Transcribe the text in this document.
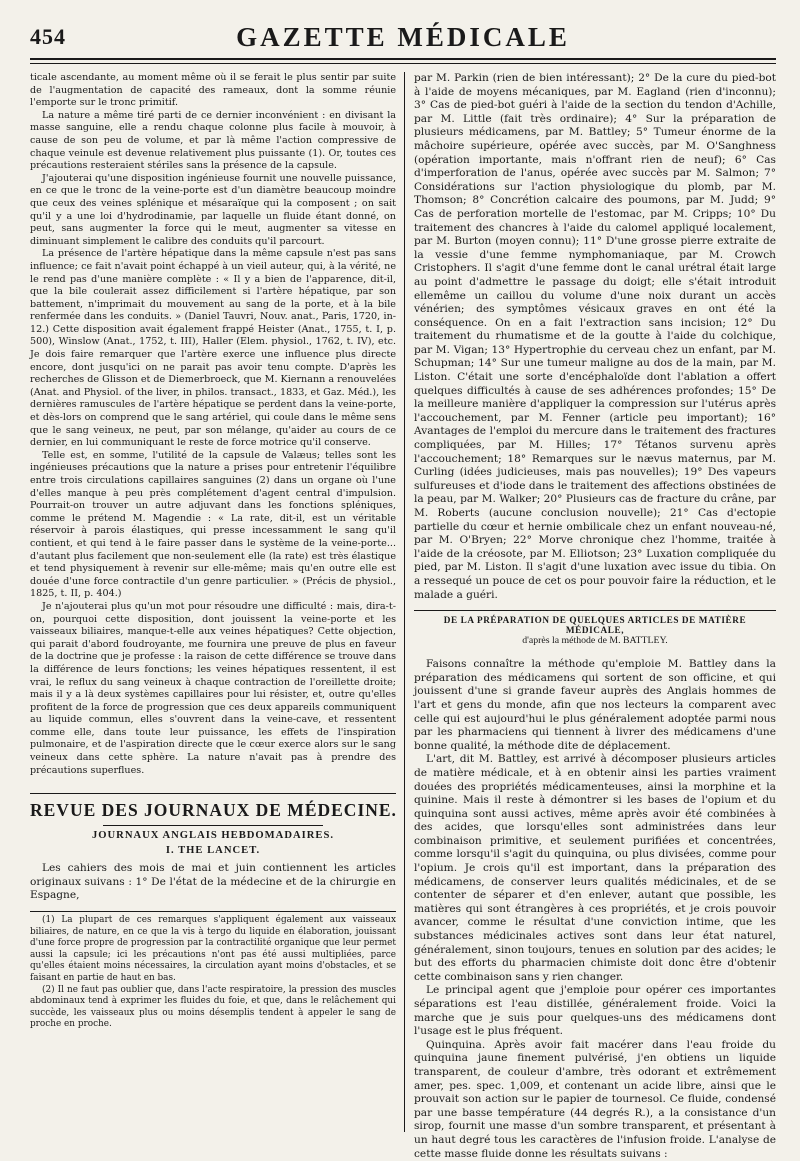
454	GAZETTE MÉDICALE

ticale ascendante, au moment même où il se ferait le plus sentir par suite de l'augmentation de capacité des rameaux, dont la somme réunie l'emporte sur le tronc primitif.

La nature a même tiré parti de ce dernier inconvénient : en divisant la masse sanguine, elle a rendu chaque colonne plus facile à mouvoir, à cause de son peu de volume, et par là même l'action compressive de chaque veinule est devenue relativement plus puissante (1). Or, toutes ces précautions resteraient stériles sans la présence de la capsule.

J'ajouterai qu'une disposition ingénieuse fournit une nouvelle puissance, en ce que le tronc de la veine-porte est d'un diamètre beaucoup moindre que ceux des veines splénique et mésaraïque qui la composent ; on sait qu'il y a une loi d'hydrodinamie, par laquelle un fluide étant donné, on peut, sans augmenter la force qui le meut, augmenter sa vitesse en diminuant simplement le calibre des conduits qu'il parcourt.

La présence de l'artère hépatique dans la même capsule n'est pas sans influence; ce fait n'avait point échappé à un vieil auteur, qui, à la vérité, ne le rend pas d'une manière complète : « Il y a bien de l'apparence, dit-il, que la bile coulerait assez difficilement si l'artère hépatique, par son battement, n'imprimait du mouvement au sang de la porte, et à la bile renfermée dans les conduits. » (Daniel Tauvri, Nouv. anat., Paris, 1720, in-12.) Cette disposition avait également frappé Heister (Anat., 1755, t. I, p. 500), Winslow (Anat., 1752, t. III), Haller (Elem. physiol., 1762, t. IV), etc. Je dois faire remarquer que l'artère exerce une influence plus directe encore, dont jusqu'ici on ne parait pas avoir tenu compte. D'après les recherches de Glisson et de Diemerbroeck, que M. Kiernann a renouvelées (Anat. and Physiol. of the liver, in philos. transact., 1833, et Gaz. Méd.), les dernières ramuscules de l'artère hépatique se perdent dans la veine-porte, et dès-lors on comprend que le sang artériel, qui coule dans le même sens que le sang veineux, ne peut, par son mélange, qu'aider au cours de ce dernier, en lui communiquant le reste de force motrice qu'il conserve.

Telle est, en somme, l'utilité de la capsule de Valæus; telles sont les ingénieuses précautions que la nature a prises pour entretenir l'équilibre entre trois circulations capillaires sanguines (2) dans un organe où l'une d'elles manque à peu près complétement d'agent central d'impulsion. Pourrait-on trouver un autre adjuvant dans les fonctions spléniques, comme le prétend M. Magendie : « La rate, dit-il, est un véritable réservoir à parois élastiques, qui presse incessamment le sang qu'il contient, et qui tend à le faire passer dans le système de la veine-porte... d'autant plus facilement que non-seulement elle (la rate) est très élastique et tend physiquement à revenir sur elle-même; mais qu'en outre elle est douée d'une force contractile d'un genre particulier. » (Précis de physiol., 1825, t. II, p. 404.)

Je n'ajouterai plus qu'un mot pour résoudre une difficulté : mais, dira-t-on, pourquoi cette disposition, dont jouissent la veine-porte et les vaisseaux biliaires, manque-t-elle aux veines hépatiques? Cette objection, qui parait d'abord foudroyante, me fournira une preuve de plus en faveur de la doctrine que je professe : la raison de cette différence se trouve dans la différence de leurs fonctions; les veines hépatiques ressentent, il est vrai, le reflux du sang veineux à chaque contraction de l'oreillette droite; mais il y a là deux systèmes capillaires pour lui résister, et, outre qu'elles profitent de la force de progression que ces deux appareils communiquent au liquide commun, elles s'ouvrent dans la veine-cave, et ressentent comme elle, dans toute leur puissance, les effets de l'inspiration pulmonaire, et de l'aspiration directe que le cœur exerce alors sur le sang veineux dans cette sphère. La nature n'avait pas à prendre des précautions superflues.

REVUE DES JOURNAUX DE MÉDECINE.
JOURNAUX ANGLAIS HEBDOMADAIRES.
I. THE LANCET.

Les cahiers des mois de mai et juin contiennent les articles originaux suivans : 1° De l'état de la médecine et de la chirurgie en Espagne,

(1) La plupart de ces remarques s'appliquent également aux vaisseaux biliaires, de nature, en ce que la vis à tergo du liquide en élaboration, jouissant d'une force propre de progression par la contractilité organique que leur permet aussi la capsule; ici les précautions n'ont pas été aussi multipliées, parce qu'elles étaient moins nécessaires, la circulation ayant moins d'obstacles, et se faisant en partie de haut en bas.

(2) Il ne faut pas oublier que, dans l'acte respiratoire, la pression des muscles abdominaux tend à exprimer les fluides du foie, et que, dans le relâchement qui succède, les vaisseaux plus ou moins désemplis tendent à appeler le sang de proche en proche.

par M. Parkin (rien de bien intéressant); 2° De la cure du pied-bot à l'aide de moyens mécaniques, par M. Eagland (rien d'inconnu); 3° Cas de pied-bot guéri à l'aide de la section du tendon d'Achille, par M. Little (fait très ordinaire); 4° Sur la préparation de plusieurs médicamens, par M. Battley; 5° Tumeur énorme de la mâchoire supérieure, opérée avec succès, par M. O'Sanghness (opération importante, mais n'offrant rien de neuf); 6° Cas d'imperforation de l'anus, opérée avec succès par M. Salmon; 7° Considérations sur l'action physiologique du plomb, par M. Thomson; 8° Concrétion calcaire des poumons, par M. Judd; 9° Cas de perforation mortelle de l'estomac, par M. Cripps; 10° Du traitement des chancres à l'aide du calomel appliqué localement, par M. Burton (moyen connu); 11° D'une grosse pierre extraite de la vessie d'une femme nymphomaniaque, par M. Crowch Cristophers. Il s'agit d'une femme dont le canal urétral était large au point d'admettre le passage du doigt; elle s'était introduit ellemême un caillou du volume d'une noix durant un accès vénérien; des symptômes vésicaux graves en ont été la conséquence. On en a fait l'extraction sans incision; 12° Du traitement du rhumatisme et de la goutte à l'aide du colchique, par M. Vigan; 13° Hypertrophie du cerveau chez un enfant, par M. Schupman; 14° Sur une tumeur maligne au dos de la main, par M. Liston. C'était une sorte d'encéphaloïde dont l'ablation a offert quelques difficultés à cause de ses adhérences profondes; 15° De la meilleure manière d'appliquer la compression sur l'utérus après l'accouchement, par M. Fenner (article peu important); 16° Avantages de l'emploi du mercure dans le traitement des fractures compliquées, par M. Hilles; 17° Tétanos survenu après l'accouchement; 18° Remarques sur le nævus maternus, par M. Curling (idées judicieuses, mais pas nouvelles); 19° Des vapeurs sulfureuses et d'iode dans le traitement des affections obstinées de la peau, par M. Walker; 20° Plusieurs cas de fracture du crâne, par M. Roberts (aucune conclusion nouvelle); 21° Cas d'ectopie partielle du cœur et hernie ombilicale chez un enfant nouveau-né, par M. O'Bryen; 22° Morve chronique chez l'homme, traitée à l'aide de la créosote, par M. Elliotson; 23° Luxation compliquée du pied, par M. Liston. Il s'agit d'une luxation avec issue du tibia. On a ressequé un pouce de cet os pour pouvoir faire la réduction, et le malade a guéri.

DE LA PRÉPARATION DE QUELQUES ARTICLES DE MATIÈRE MÉDICALE,
d'après la méthode de M. BATTLEY.

Faisons connaître la méthode qu'emploie M. Battley dans la préparation des médicamens qui sortent de son officine, et qui jouissent d'une si grande faveur auprès des Anglais hommes de l'art et gens du monde, afin que nos lecteurs la comparent avec celle qui est aujourd'hui le plus généralement adoptée parmi nous par les pharmaciens qui tiennent à livrer des médicamens d'une bonne qualité, la méthode dite de déplacement.

L'art, dit M. Battley, est arrivé à décomposer plusieurs articles de matière médicale, et à en obtenir ainsi les parties vraiment douées des propriétés médicamenteuses, ainsi la morphine et la quinine. Mais il reste à démontrer si les bases de l'opium et du quinquina sont aussi actives, même après avoir été combinées à des acides, que lorsqu'elles sont administrées dans leur combinaison primitive, et seulement purifiées et concentrées, comme lorsqu'il s'agit du quinquina, ou plus divisées, comme pour l'opium. Je crois qu'il est important, dans la préparation des médicamens, de conserver leurs qualités médicinales, et de se contenter de séparer et d'en enlever, autant que possible, les matières qui sont étrangères à ces propriétés, et je crois pouvoir avancer, comme le résultat d'une conviction intime, que les substances médicinales actives sont dans leur état naturel, généralement, sinon toujours, tenues en solution par des acides; le but des efforts du pharmacien chimiste doit donc être d'obtenir cette combinaison sans y rien changer.

Le principal agent que j'emploie pour opérer ces importantes séparations est l'eau distillée, généralement froide. Voici la marche que je suis pour quelques-uns des médicamens dont l'usage est le plus fréquent.

Quinquina. Après avoir fait macérer dans l'eau froide du quinquina jaune finement pulvérisé, j'en obtiens un liquide transparent, de couleur d'ambre, très odorant et extrêmement amer, pes. spec. 1,009, et contenant un acide libre, ainsi que le prouvait son action sur le papier de tournesol. Ce fluide, condensé par une basse température (44 degrés R.), a la consistance d'un sirop, fournit une masse d'un sombre transparent, et présentant à un haut degré tous les caractères de l'infusion froide. L'analyse de cette masse fluide donne les résultats suivans :
